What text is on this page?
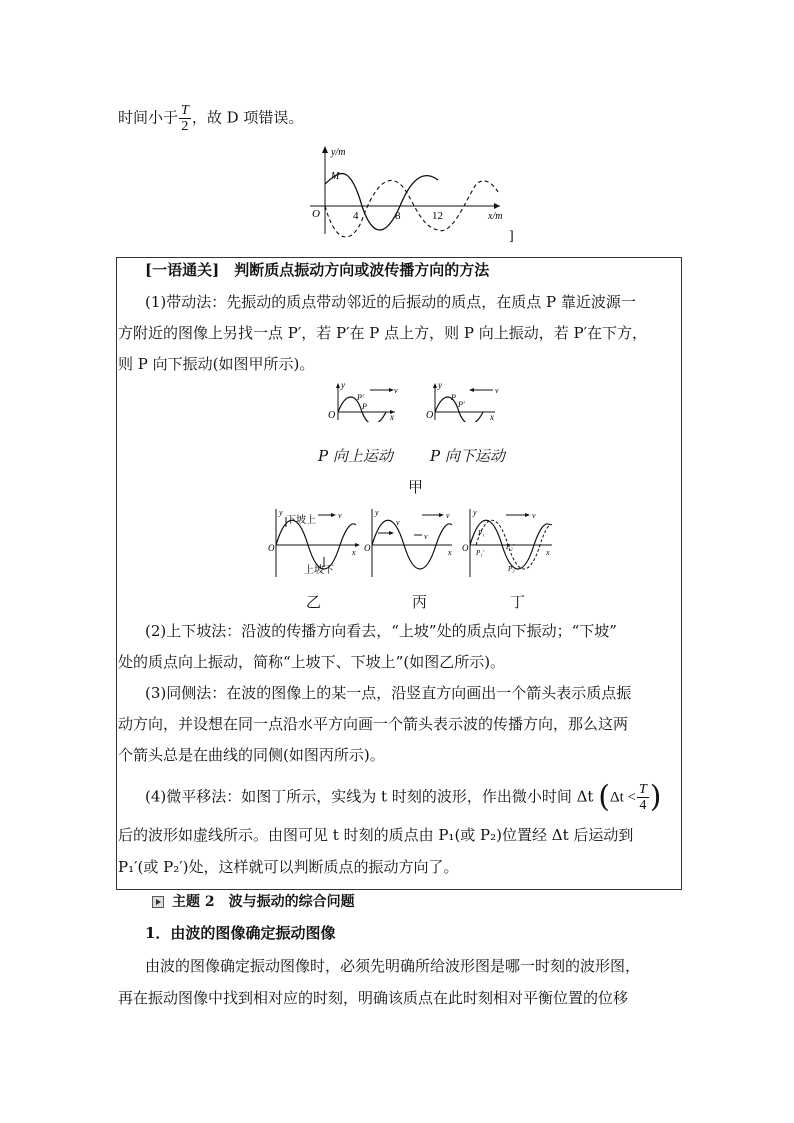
时间小于 $\frac{T}{2}$ ，故 D 项错误。
y/m
x/m
O
M
4	8	12
]
[一语通关]　 判断质点振动方向或波传播方向的方法
(1)带动法：先振动的质点带动邻近的后振动的质点，在质点 P 靠近波源一
方附近的图像上另找一点 P′，若 P′在 P 点上方，则 P 向上振动，若 P′在下方，
则 P 向下振动(如图甲所示)。
y
O	x
P′
P
v
y
O	x
P
P′
v
P 向上运动 P 向下运动
甲
y
O	x
v
下坡上
上坡下
y
O	x
v
v
v
y
O	x
v
P₁
P₁′
P₂′
P₂
乙	丙	丁
(2)上下坡法：沿波的传播方向看去，“上坡”处的质点向下振动；“下坡”
处的质点向上振动，简称“上坡下、下坡上”(如图乙所示)。
(3)同侧法：在波的图像上的某一点，沿竖直方向画出一个箭头表示质点振
动方向，并设想在同一点沿水平方向画一个箭头表示波的传播方向，那么这两
个箭头总是在曲线的同侧(如图丙所示)。
(4)微平移法：如图丁所示，实线为 t 时刻的波形，作出微小时间 Δt ($\Delta t < \frac{T}{4}$ )
后的波形如虚线所示。由图可见 t 时刻的质点由 P₁(或 P₂)位置经 Δt 后运动到
P₁′(或 P₂′)处，这样就可以判断质点的振动方向了。
主题 2　波与振动的综合问题
1．由波的图像确定振动图像
由波的图像确定振动图像时，必须先明确所给波形图是哪一时刻的波形图，
再在振动图像中找到相对应的时刻，明确该质点在此时刻相对平衡位置的位移
